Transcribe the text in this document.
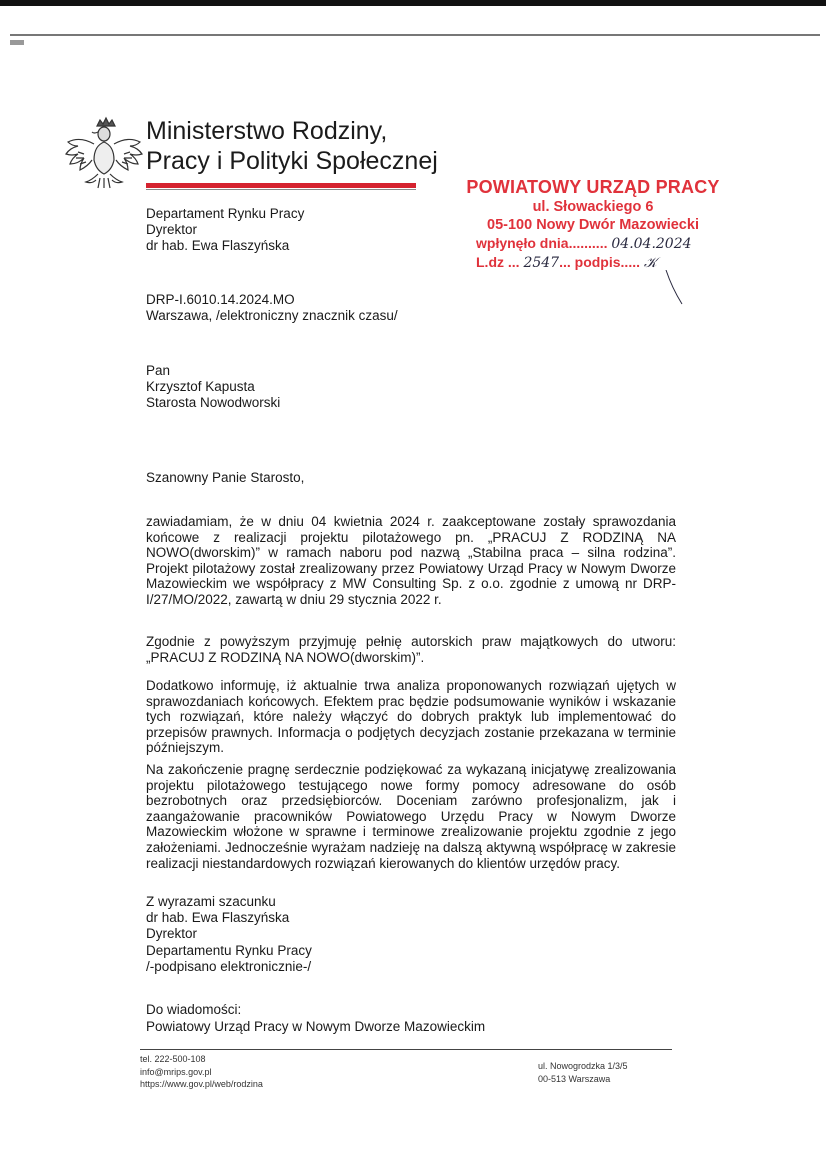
Ministerstwo Rodziny,
Pracy i Polityki Społecznej
POWIATOWY URZĄD PRACY
ul. Słowackiego 6
05-100 Nowy Dwór Mazowiecki
wpłynęło dnia.......... 04.04.2024
L.dz ... 2547... podpis..... 𝒦
Departament Rynku Pracy
Dyrektor
dr hab. Ewa Flaszyńska
DRP-I.6010.14.2024.MO
Warszawa, /elektroniczny znacznik czasu/
Pan
Krzysztof Kapusta
Starosta Nowodworski
Szanowny Panie Starosto,

zawiadamiam, że w dniu 04 kwietnia 2024 r. zaakceptowane zostały sprawozdania końcowe z realizacji projektu pilotażowego pn. „PRACUJ Z RODZINĄ NA NOWO(dworskim)” w ramach naboru pod nazwą „Stabilna praca – silna rodzina”. Projekt pilotażowy został zrealizowany przez Powiatowy Urząd Pracy w Nowym Dworze Mazowieckim we współpracy z MW Consulting Sp. z o.o. zgodnie z umową nr DRP-I/27/MO/2022, zawartą w dniu 29 stycznia 2022 r.

Zgodnie z powyższym przyjmuję pełnię autorskich praw majątkowych do utworu: „PRACUJ Z RODZINĄ NA NOWO(dworskim)”.

Dodatkowo informuję, iż aktualnie trwa analiza proponowanych rozwiązań ujętych w sprawozdaniach końcowych. Efektem prac będzie podsumowanie wyników i wskazanie tych rozwiązań, które należy włączyć do dobrych praktyk lub implementować do przepisów prawnych. Informacja o podjętych decyzjach zostanie przekazana w terminie późniejszym.

Na zakończenie pragnę serdecznie podziękować za wykazaną inicjatywę zrealizowania projektu pilotażowego testującego nowe formy pomocy adresowane do osób bezrobotnych oraz przedsiębiorców. Doceniam zarówno profesjonalizm, jak i zaangażowanie pracowników Powiatowego Urzędu Pracy w Nowym Dworze Mazowieckim włożone w sprawne i terminowe zrealizowanie projektu zgodnie z jego założeniami. Jednocześnie wyrażam nadzieję na dalszą aktywną współpracę w zakresie realizacji niestandardowych rozwiązań kierowanych do klientów urzędów pracy.

Z wyrazami szacunku
dr hab. Ewa Flaszyńska
Dyrektor
Departamentu Rynku Pracy
/-podpisano elektronicznie-/
Do wiadomości:
Powiatowy Urząd Pracy w Nowym Dworze Mazowieckim
tel. 222-500-108
info@mrips.gov.pl
https://www.gov.pl/web/rodzina
ul. Nowogrodzka 1/3/5
00-513 Warszawa
